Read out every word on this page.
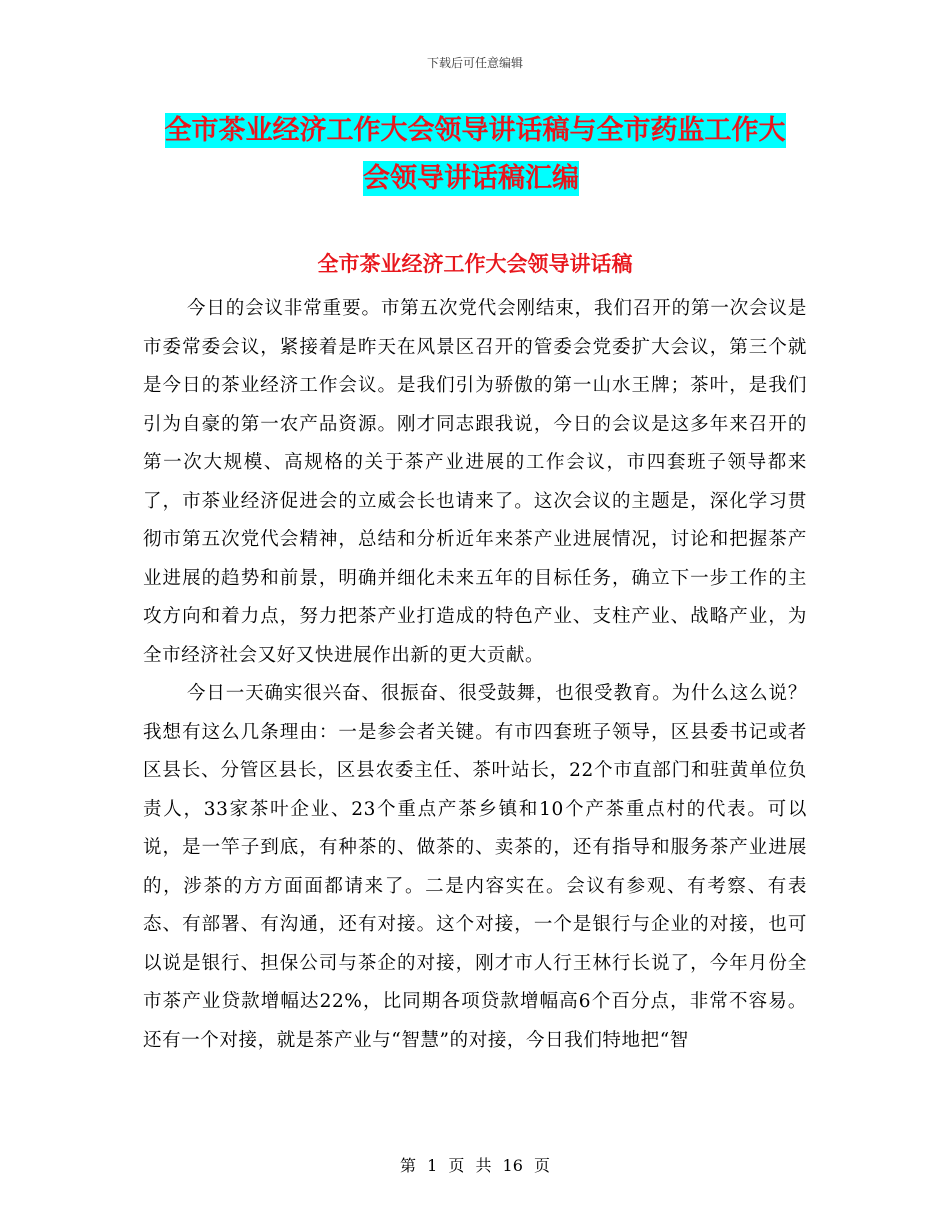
下载后可任意编辑
全市茶业经济工作大会领导讲话稿与全市药监工作大
会领导讲话稿汇编
全市茶业经济工作大会领导讲话稿

今日的会议非常重要。市第五次党代会刚结束，我们召开的第一次会议是市委常委会议，紧接着是昨天在风景区召开的管委会党委扩大会议，第三个就是今日的茶业经济工作会议。是我们引为骄傲的第一山水王牌；茶叶，是我们引为自豪的第一农产品资源。刚才同志跟我说，今日的会议是这多年来召开的第一次大规模、高规格的关于茶产业进展的工作会议，市四套班子领导都来了，市茶业经济促进会的立威会长也请来了。这次会议的主题是，深化学习贯彻市第五次党代会精神，总结和分析近年来茶产业进展情况，讨论和把握茶产业进展的趋势和前景，明确并细化未来五年的目标任务，确立下一步工作的主攻方向和着力点，努力把茶产业打造成的特色产业、支柱产业、战略产业，为全市经济社会又好又快进展作出新的更大贡献。

今日一天确实很兴奋、很振奋、很受鼓舞，也很受教育。为什么这么说？我想有这么几条理由：一是参会者关键。有市四套班子领导，区县委书记或者区县长、分管区县长，区县农委主任、茶叶站长，22个市直部门和驻黄单位负责人，33家茶叶企业、23个重点产茶乡镇和10个产茶重点村的代表。可以说，是一竿子到底，有种茶的、做茶的、卖茶的，还有指导和服务茶产业进展的，涉茶的方方面面都请来了。二是内容实在。会议有参观、有考察、有表态、有部署、有沟通，还有对接。这个对接，一个是银行与企业的对接，也可以说是银行、担保公司与茶企的对接，刚才市人行王林行长说了，今年月份全市茶产业贷款增幅达22%，比同期各项贷款增幅高6个百分点，非常不容易。还有一个对接，就是茶产业与“智慧”的对接，今日我们特地把“智

第 1 页 共 16 页
